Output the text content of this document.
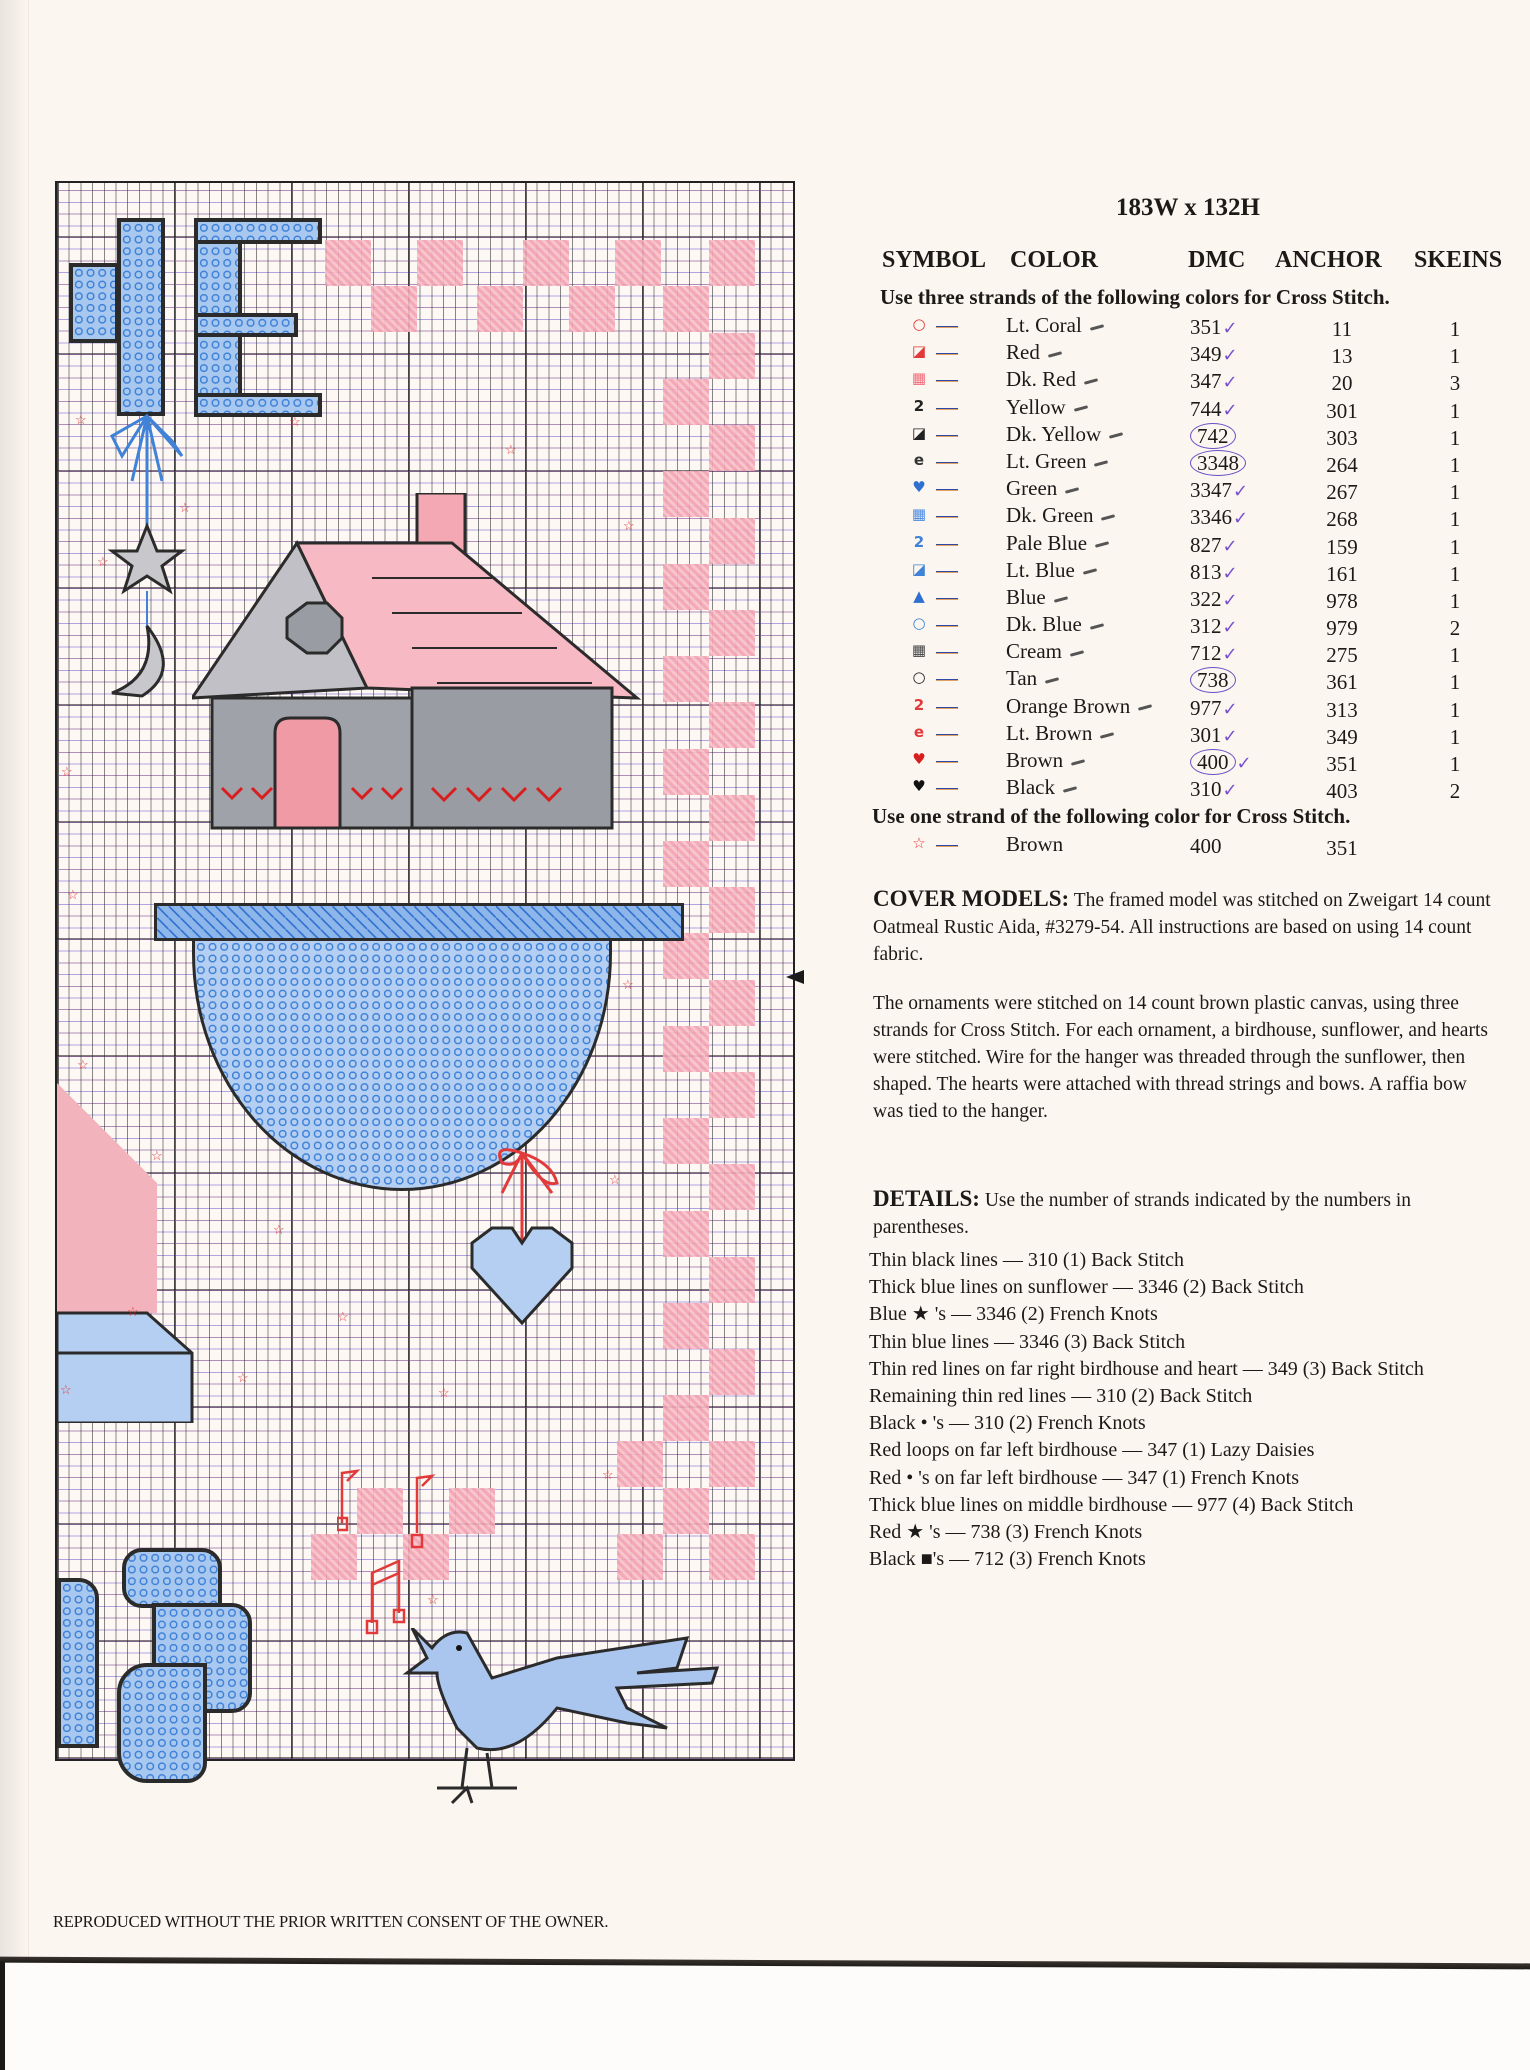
☆	☆
☆
☆
☆
☆
☆
☆
☆
☆
☆
☆
☆
☆	☆
☆
☆
☆
☆
☆
183W x 132H
SYMBOL COLOR	DMC ANCHOR SKEINS
Use three strands of the following colors for Cross Stitch.
○	Lt. Coral	351✓	11	1
◪	Red	349✓	13	1
▦	Dk. Red	347✓	20	3
2	Yellow	744✓	301	1
◪	Dk. Yellow	742	303	1
e	Lt. Green	3348	264	1
♥	Green	3347✓	267	1
▦	Dk. Green	3346✓	268	1
2	Pale Blue	827✓	159	1
◪	Lt. Blue	813✓	161	1
▲	Blue	322✓	978	1
○	Dk. Blue	312✓	979	2
▦	Cream	712✓	275	1
○	Tan	738	361	1
2	Orange Brown	977✓	313	1
e	Lt. Brown	301✓	349	1
♥	Brown	400 ✓	351	1
♥	Black	310✓	403	2
Use one strand of the following color for Cross Stitch.
☆	Brown	400	351
COVER MODELS: The framed model was stitched on Zweigart 14 count Oatmeal Rustic Aida, #3279-54. All instructions are based on using 14 count fabric.
The ornaments were stitched on 14 count brown plastic canvas, using three strands for Cross Stitch. For each ornament, a birdhouse, sunflower, and hearts were stitched. Wire for the hanger was threaded through the sunflower, then shaped. The hearts were attached with thread strings and bows. A raffia bow was tied to the hanger.
DETAILS: Use the number of strands indicated by the numbers in parentheses.
Thin black lines — 310 (1) Back Stitch
Thick blue lines on sunflower — 3346 (2) Back Stitch
Blue ★ 's — 3346 (2) French Knots
Thin blue lines — 3346 (3) Back Stitch
Thin red lines on far right birdhouse and heart — 349 (3) Back Stitch
Remaining thin red lines — 310 (2) Back Stitch
Black • 's — 310 (2) French Knots
Red loops on far left birdhouse — 347 (1) Lazy Daisies
Red • 's on far left birdhouse — 347 (1) French Knots
Thick blue lines on middle birdhouse — 977 (4) Back Stitch
Red ★ 's — 738 (3) French Knots
Black ■'s — 712 (3) French Knots
REPRODUCED WITHOUT THE PRIOR WRITTEN CONSENT OF THE OWNER.
